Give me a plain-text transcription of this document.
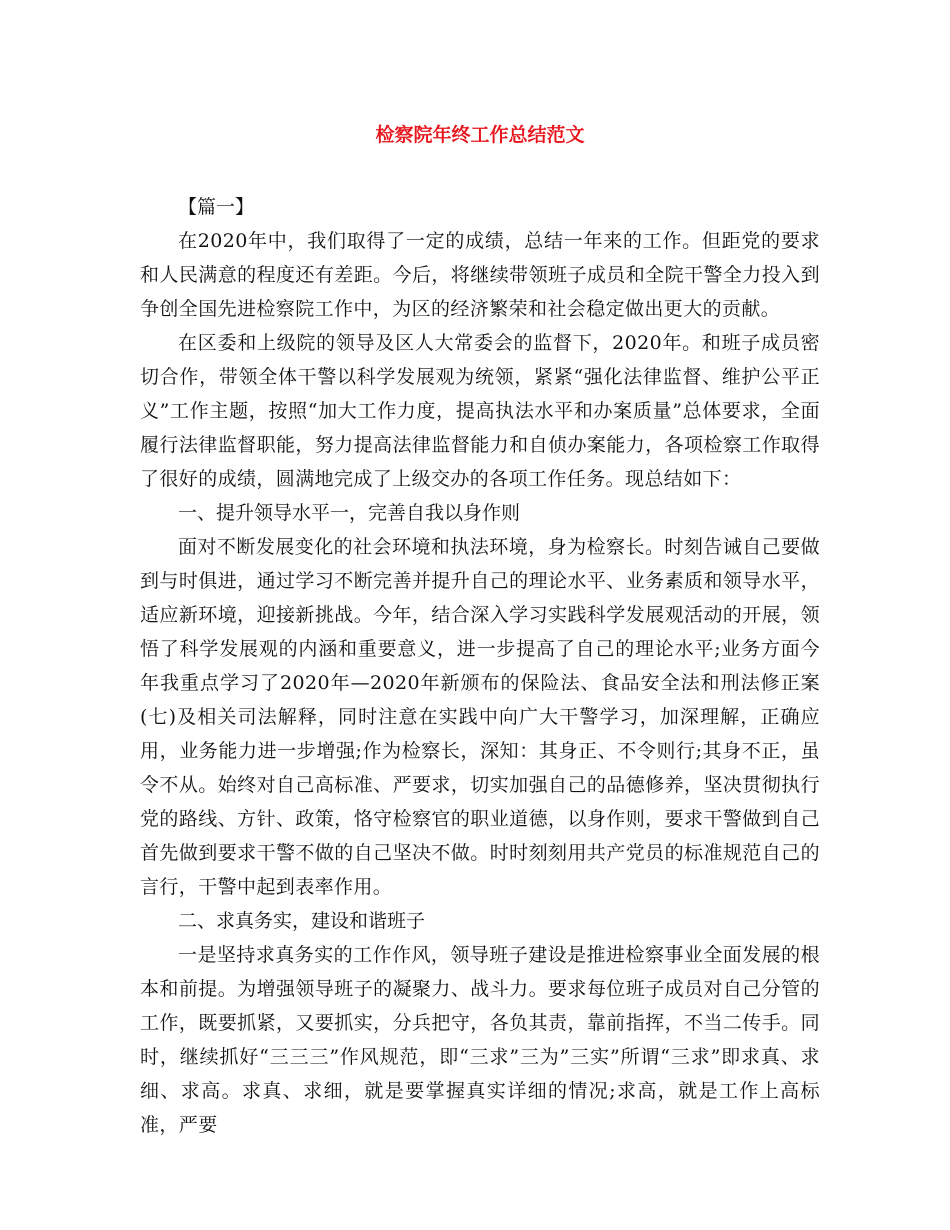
检察院年终工作总结范文

【篇一】

在2020年中，我们取得了一定的成绩，总结一年来的工作。但距党的要求和人民满意的程度还有差距。今后，将继续带领班子成员和全院干警全力投入到争创全国先进检察院工作中，为区的经济繁荣和社会稳定做出更大的贡献。

在区委和上级院的领导及区人大常委会的监督下，2020年。和班子成员密切合作，带领全体干警以科学发展观为统领，紧紧“强化法律监督、维护公平正义”工作主题，按照“加大工作力度，提高执法水平和办案质量”总体要求，全面履行法律监督职能，努力提高法律监督能力和自侦办案能力，各项检察工作取得了很好的成绩，圆满地完成了上级交办的各项工作任务。现总结如下：

一、提升领导水平一，完善自我以身作则

面对不断发展变化的社会环境和执法环境，身为检察长。时刻告诫自己要做到与时俱进，通过学习不断完善并提升自己的理论水平、业务素质和领导水平，适应新环境，迎接新挑战。今年，结合深入学习实践科学发展观活动的开展，领悟了科学发展观的内涵和重要意义，进一步提高了自己的理论水平;业务方面今年我重点学习了2020年—2020年新颁布的保险法、食品安全法和刑法修正案(七)及相关司法解释，同时注意在实践中向广大干警学习，加深理解，正确应用，业务能力进一步增强;作为检察长，深知：其身正、不令则行;其身不正，虽令不从。始终对自己高标准、严要求，切实加强自己的品德修养，坚决贯彻执行党的路线、方针、政策，恪守检察官的职业道德，以身作则，要求干警做到自己首先做到要求干警不做的自己坚决不做。时时刻刻用共产党员的标准规范自己的言行，干警中起到表率作用。

二、求真务实，建设和谐班子

一是坚持求真务实的工作作风，领导班子建设是推进检察事业全面发展的根本和前提。为增强领导班子的凝聚力、战斗力。要求每位班子成员对自己分管的工作，既要抓紧，又要抓实，分兵把守，各负其责，靠前指挥，不当二传手。同时，继续抓好“三三三”作风规范，即“三求”三为”三实”所谓“三求”即求真、求细、求高。求真、求细，就是要掌握真实详细的情况;求高，就是工作上高标准，严要
